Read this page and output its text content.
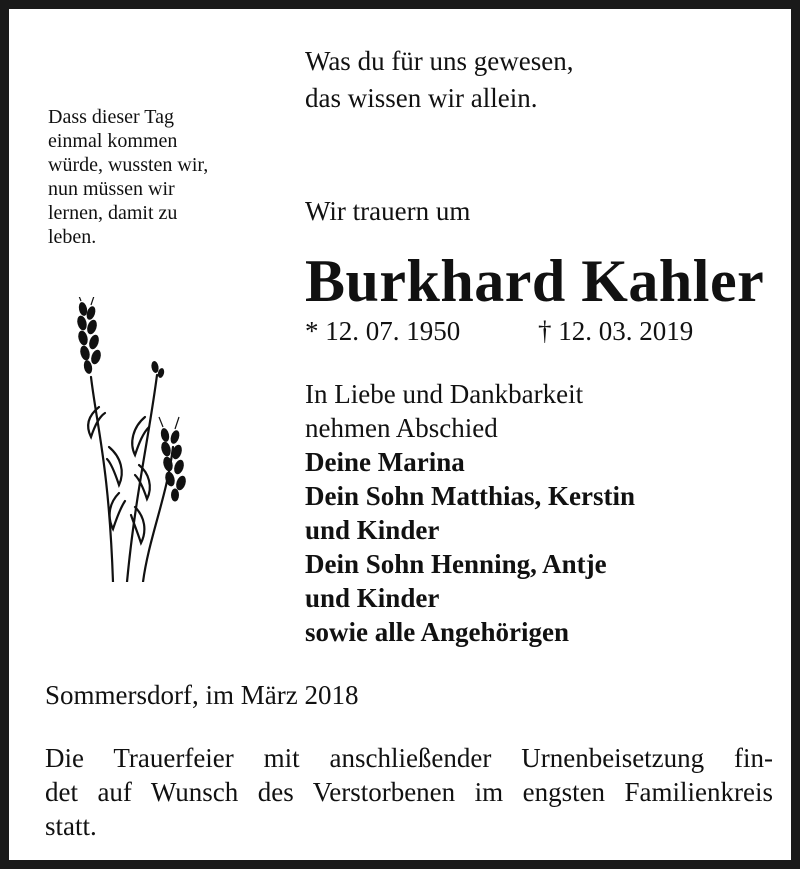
Was du für uns gewesen,
das wissen wir allein.
Dass dieser Tag
einmal kommen
würde, wussten wir,
nun müssen wir
lernen, damit zu
leben.

Wir trauern um

Burkhard Kahler

* 12. 07. 1950	† 12. 03. 2019
In Liebe und Dankbarkeit
nehmen Abschied
Deine Marina
Dein Sohn Matthias, Kerstin
und Kinder
Dein Sohn Henning, Antje
und Kinder
sowie alle Angehörigen

Sommersdorf, im März 2018

Die Trauerfeier mit anschließender Urnenbeisetzung fin-
det auf Wunsch des Verstorbenen im engsten Familienkreis
statt.
